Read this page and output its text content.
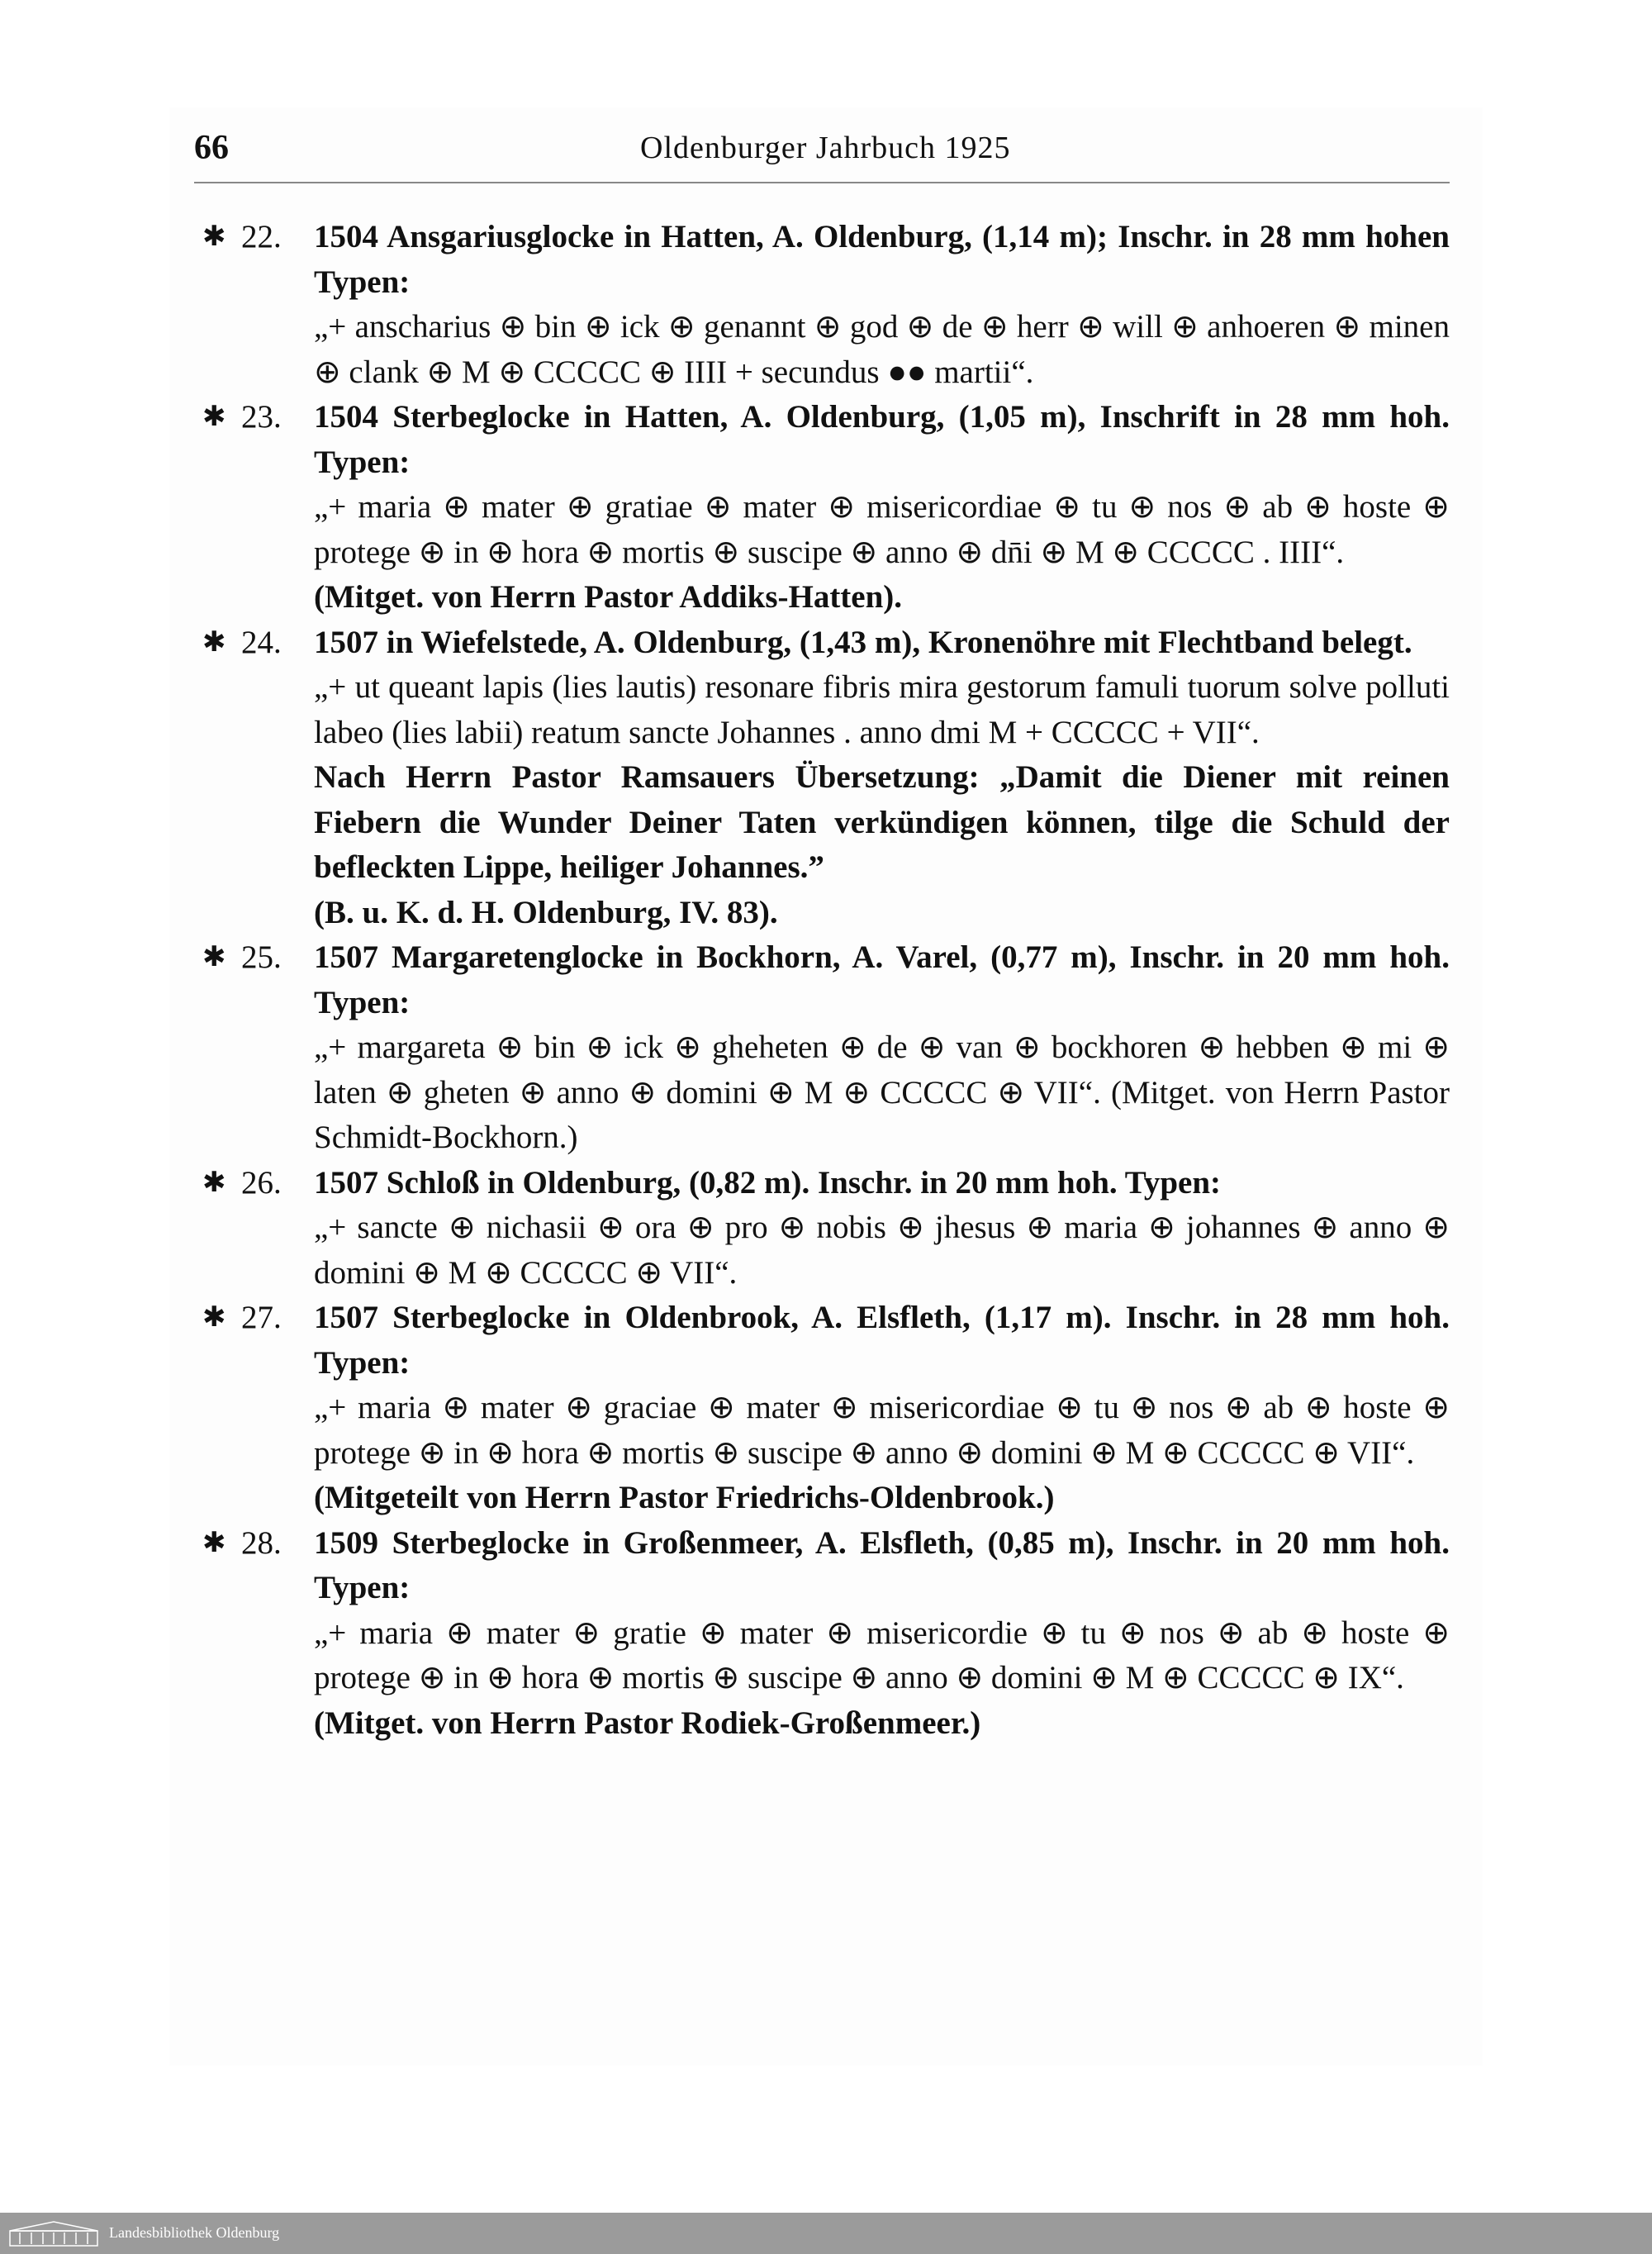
66	Oldenburger Jahrbuch 1925
✱ 22. 1504 Ansgariusglocke in Hatten, A. Oldenburg, (1,14 m); Inschr. in 28 mm hohen Typen:
„+ anscharius ⊕ bin ⊕ ick ⊕ genannt ⊕ god ⊕ de ⊕ herr ⊕ will ⊕ anhoeren ⊕ minen ⊕ clank ⊕ M ⊕ CCCCC ⊕ IIII + secundus ●● martii“.
✱ 23. 1504 Sterbeglocke in Hatten, A. Oldenburg, (1,05 m), Inschrift in 28 mm hoh. Typen:
„+ maria ⊕ mater ⊕ gratiae ⊕ mater ⊕ misericordiae ⊕ tu ⊕ nos ⊕ ab ⊕ hoste ⊕ protege ⊕ in ⊕ hora ⊕ mortis ⊕ suscipe ⊕ anno ⊕ dn̄i ⊕ M ⊕ CCCCC . IIII“.
(Mitget. von Herrn Pastor Addiks-Hatten).
✱ 24. 1507 in Wiefelstede, A. Oldenburg, (1,43 m), Kronenöhre mit Flechtband belegt.
„+ ut queant lapis (lies lautis) resonare fibris mira gestorum famuli tuorum solve polluti labeo (lies labii) reatum sancte Johannes . anno dmi M + CCCCC + VII“.
Nach Herrn Pastor Ramsauers Übersetzung: „Damit die Diener mit reinen Fiebern die Wunder Deiner Taten verkündigen können, tilge die Schuld der befleckten Lippe, heiliger Johannes.”
(B. u. K. d. H. Oldenburg, IV. 83).
✱ 25. 1507 Margaretenglocke in Bockhorn, A. Varel, (0,77 m), Inschr. in 20 mm hoh. Typen:
„+ margareta ⊕ bin ⊕ ick ⊕ gheheten ⊕ de ⊕ van ⊕ bockhoren ⊕ hebben ⊕ mi ⊕ laten ⊕ gheten ⊕ anno ⊕ domini ⊕ M ⊕ CCCCC ⊕ VII“. (Mitget. von Herrn Pastor Schmidt-Bockhorn.)
✱ 26. 1507 Schloß in Oldenburg, (0,82 m). Inschr. in 20 mm hoh. Typen:
„+ sancte ⊕ nichasii ⊕ ora ⊕ pro ⊕ nobis ⊕ jhesus ⊕ maria ⊕ johannes ⊕ anno ⊕ domini ⊕ M ⊕ CCCCC ⊕ VII“.
✱ 27. 1507 Sterbeglocke in Oldenbrook, A. Elsfleth, (1,17 m). Inschr. in 28 mm hoh. Typen:
„+ maria ⊕ mater ⊕ graciae ⊕ mater ⊕ misericordiae ⊕ tu ⊕ nos ⊕ ab ⊕ hoste ⊕ protege ⊕ in ⊕ hora ⊕ mortis ⊕ suscipe ⊕ anno ⊕ domini ⊕ M ⊕ CCCCC ⊕ VII“.
(Mitgeteilt von Herrn Pastor Friedrichs-Oldenbrook.)
✱ 28. 1509 Sterbeglocke in Großenmeer, A. Elsfleth, (0,85 m), Inschr. in 20 mm hoh. Typen:
„+ maria ⊕ mater ⊕ gratie ⊕ mater ⊕ misericordie ⊕ tu ⊕ nos ⊕ ab ⊕ hoste ⊕ protege ⊕ in ⊕ hora ⊕ mortis ⊕ suscipe ⊕ anno ⊕ domini ⊕ M ⊕ CCCCC ⊕ IX“.
(Mitget. von Herrn Pastor Rodiek-Großenmeer.)
Landesbibliothek Oldenburg
